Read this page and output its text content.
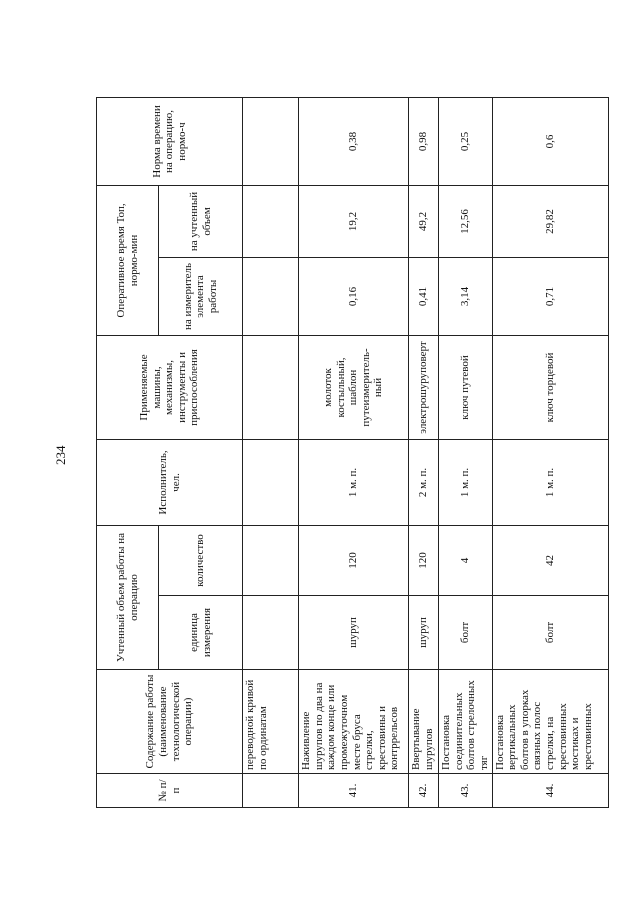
234
№ п/п	Содержание работы (наименование технологической операции)	Учтенный объем работы на операцию		Исполнитель, чел.	Применяемые машины, механизмы, инструменты и приспособления	Оперативное время Топ, нормо-мин		Норма времени на операцию, нормо-ч
		единица измерения	количество			на измеритель элемента работы	на учтенный объем	
	переводной кривой по ординатам							
41.	Наживление шурупов по два на каждом конце или промежуточном месте бруса стрелки, крестовины и контррельсов	шуруп	120	1 м. п.	молоток костыльный, шаблон путеизмеритель-ный	0,16	19,2	0,38
42.	Ввертывание шурупов	шуруп	120	2 м. п.	электрошуруповерт	0,41	49,2	0,98
43.	Постановка соединительных болтов стрелочных тяг	болт	4	1 м. п.	ключ путевой	3,14	12,56	0,25
44.	Постановка вертикальных болтов в упорках связных полос стрелки, на крестовинных мостиках и крестовинных	болт	42	1 м. п.	ключ торцевой	0,71	29,82	0,6
